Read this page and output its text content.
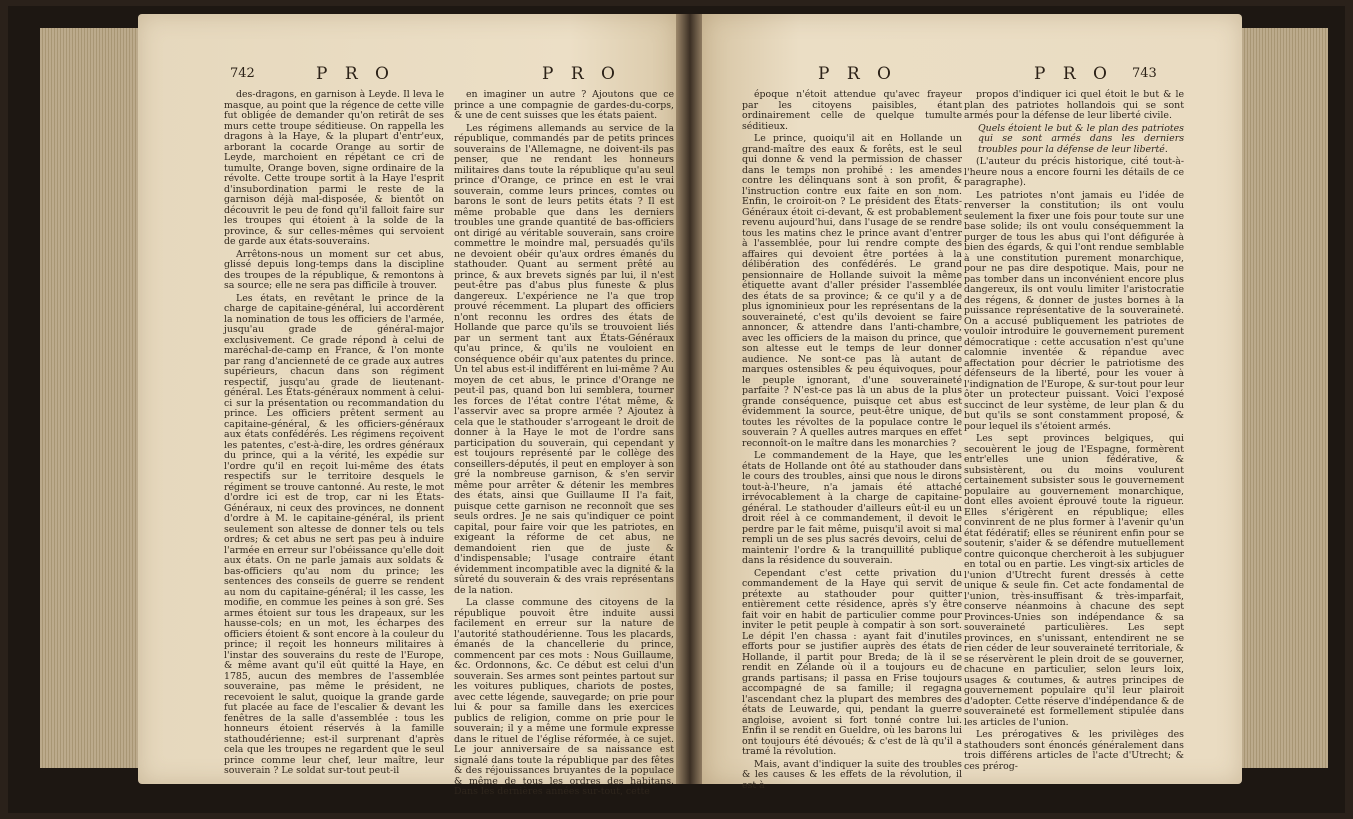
742	P R O	P R O

des-dragons, en garnison à Leyde. Il leva le masque, au point que la régence de cette ville fut obligée de demander qu'on retirât de ses murs cette troupe séditieuse. On rappella les dragons à la Haye, & la plupart d'entr'eux, arborant la cocarde Orange au sortir de Leyde, marchoient en répétant ce cri de tumulte, Orange boven, signe ordinaire de la révolte. Cette troupe sortit à la Haye l'esprit d'insubordination parmi le reste de la garnison déjà mal-disposée, & bientôt on découvrit le peu de fond qu'il falloit faire sur les troupes qui étoient à la solde de la province, & sur celles-mêmes qui servoient de garde aux états-souverains.

Arrêtons-nous un moment sur cet abus, glissé depuis long-temps dans la discipline des troupes de la république, & remontons à sa source; elle ne sera pas difficile à trouver.

Les états, en revêtant le prince de la charge de capitaine-général, lui accordèrent la nomination de tous les officiers de l'armée, jusqu'au grade de général-major exclusivement. Ce grade répond à celui de maréchal-de-camp en France, & l'on monte par rang d'ancienneté de ce grade aux autres supérieurs, chacun dans son régiment respectif, jusqu'au grade de lieutenant-général. Les États-généraux nomment à celui-ci sur la présentation ou recommandation du prince. Les officiers prêtent serment au capitaine-général, & les officiers-généraux aux états confédérés. Les régimens reçoivent les patentes, c'est-à-dire, les ordres généraux du prince, qui a la vérité, les expédie sur l'ordre qu'il en reçoit lui-même des états respectifs sur le territoire desquels le régiment se trouve cantonné. Au reste, le mot d'ordre ici est de trop, car ni les États-Généraux, ni ceux des provinces, ne donnent d'ordre à M. le capitaine-général, ils prient seulement son altesse de donner tels ou tels ordres; & cet abus ne sert pas peu à induire l'armée en erreur sur l'obéissance qu'elle doit aux états. On ne parle jamais aux soldats & bas-officiers qu'au nom du prince; les sentences des conseils de guerre se rendent au nom du capitaine-général; il les casse, les modifie, en commue les peines à son gré. Ses armes étoient sur tous les drapeaux, sur les hausse-cols; en un mot, les écharpes des officiers étoient & sont encore à la couleur du prince; il reçoit les honneurs militaires à l'instar des souverains du reste de l'Europe, & même avant qu'il eût quitté la Haye, en 1785, aucun des membres de l'assemblée souveraine, pas même le président, ne recevoient le salut, quoique la grande garde fut placée au face de l'escalier & devant les fenêtres de la salle d'assemblée : tous les honneurs étoient réservés à la famille stathoudérienne; est-il surprenant d'après cela que les troupes ne regardent que le seul prince comme leur chef, leur maître, leur souverain ? Le soldat sur-tout peut-il

en imaginer un autre ? Ajoutons que ce prince a une compagnie de gardes-du-corps, & une de cent suisses que les états paient.

Les régimens allemands au service de la république, commandés par de petits princes souverains de l'Allemagne, ne doivent-ils pas penser, que ne rendant les honneurs militaires dans toute la république qu'au seul prince d'Orange, ce prince en est le vrai souverain, comme leurs princes, comtes ou barons le sont de leurs petits états ? Il est même probable que dans les derniers troubles une grande quantité de bas-officiers ont dirigé au véritable souverain, sans croire commettre le moindre mal, persuadés qu'ils ne devoient obéir qu'aux ordres émanés du stathouder. Quant au serment prêté au prince, & aux brevets signés par lui, il n'est peut-être pas d'abus plus funeste & plus dangereux. L'expérience ne l'a que trop prouvé récemment. La plupart des officiers n'ont reconnu les ordres des états de Hollande que parce qu'ils se trouvoient liés par un serment tant aux États-Généraux qu'au prince, & qu'ils ne vouloient en conséquence obéir qu'aux patentes du prince. Un tel abus est-il indifférent en lui-même ? Au moyen de cet abus, le prince d'Orange ne peut-il pas, quand bon lui semblera, tourner les forces de l'état contre l'état même, & l'asservir avec sa propre armée ? Ajoutez à cela que le stathouder s'arrogeant le droit de donner à la Haye le mot de l'ordre sans participation du souverain, qui cependant y est toujours représenté par le collège des conseillers-députés, il peut en employer à son gré la nombreuse garnison, & s'en servir même pour arrêter & détenir les membres des états, ainsi que Guillaume II l'a fait, puisque cette garnison ne reconnoît que ses seuls ordres. Je ne sais qu'indiquer ce point capital, pour faire voir que les patriotes, en exigeant la réforme de cet abus, ne demandoient rien que de juste & d'indispensable; l'usage contraire étant évidemment incompatible avec la dignité & la sûreté du souverain & des vrais représentans de la nation.

La classe commune des citoyens de la république pouvoit être induite aussi facilement en erreur sur la nature de l'autorité stathoudérienne. Tous les placards, émanés de la chancellerie du prince, commencent par ces mots : Nous Guillaume, &c. Ordonnons, &c. Ce début est celui d'un souverain. Ses armes sont peintes partout sur les voitures publiques, chariots de postes, avec cette légende, sauvegarde; on prie pour lui & pour sa famille dans les exercices publics de religion, comme on prie pour le souverain; il y a même une formule expresse dans le rituel de l'église réformée, à ce sujet. Le jour anniversaire de sa naissance est signalé dans toute la république par des fêtes & des réjouissances bruyantes de la populace & même de tous les ordres des habitans. Dans les dernières années sur-tout, cette

P R O	P R O 743

époque n'étoit attendue qu'avec frayeur par les citoyens paisibles, étant ordinairement celle de quelque tumulte séditieux.

Le prince, quoiqu'il ait en Hollande un grand-maître des eaux & forêts, est le seul qui donne & vend la permission de chasser dans le temps non prohibé : les amendes contre les délinquans sont à son profit, & l'instruction contre eux faite en son nom. Enfin, le croiroit-on ? Le président des États-Généraux étoit ci-devant, & est probablement revenu aujourd'hui, dans l'usage de se rendre tous les matins chez le prince avant d'entrer à l'assemblée, pour lui rendre compte des affaires qui devoient être portées à la délibération des confédérés. Le grand pensionnaire de Hollande suivoit la même étiquette avant d'aller présider l'assemblée des états de sa province; & ce qu'il y a de plus ignominieux pour les représentans de la souveraineté, c'est qu'ils devoient se faire annoncer, & attendre dans l'anti-chambre, avec les officiers de la maison du prince, que son altesse eut le temps de leur donner audience. Ne sont-ce pas là autant de marques ostensibles & peu équivoques, pour le peuple ignorant, d'une souveraineté parfaite ? N'est-ce pas là un abus de la plus grande conséquence, puisque cet abus est évidemment la source, peut-être unique, de toutes les révoltes de la populace contre le souverain ? À quelles autres marques en effet reconnoît-on le maître dans les monarchies ?

Le commandement de la Haye, que les états de Hollande ont ôté au stathouder dans le cours des troubles, ainsi que nous le dirons tout-à-l'heure, n'a jamais été attaché irrévocablement à la charge de capitaine-général. Le stathouder d'ailleurs eût-il eu un droit réel à ce commandement, il devoit le perdre par le fait même, puisqu'il avoit si mal rempli un de ses plus sacrés devoirs, celui de maintenir l'ordre & la tranquillité publique dans la résidence du souverain.

Cependant c'est cette privation du commandement de la Haye qui servit de prétexte au stathouder pour quitter entièrement cette résidence, après s'y être fait voir en habit de particulier comme pour inviter le petit peuple à compatir à son sort. Le dépit l'en chassa : ayant fait d'inutiles efforts pour se justifier auprès des états de Hollande, il partit pour Breda; de là il se rendit en Zélande où il a toujours eu de grands partisans; il passa en Frise toujours accompagné de sa famille; il regagna l'ascendant chez la plupart des membres des états de Leuwarde, qui, pendant la guerre angloise, avoient si fort tonné contre lui. Enfin il se rendit en Gueldre, où les barons lui ont toujours été dévoués; & c'est de là qu'il a tramé la révolution.

Mais, avant d'indiquer la suite des troubles & les causes & les effets de la révolution, il est à

propos d'indiquer ici quel étoit le but & le plan des patriotes hollandois qui se sont armés pour la défense de leur liberté civile.

Quels étoient le but & le plan des patriotes qui se sont armés dans les derniers troubles pour la défense de leur liberté.

(L'auteur du précis historique, cité tout-à-l'heure nous a encore fourni les détails de ce paragraphe).

Les patriotes n'ont jamais eu l'idée de renverser la constitution; ils ont voulu seulement la fixer une fois pour toute sur une base solide; ils ont voulu conséquemment la purger de tous les abus qui l'ont défigurée à bien des égards, & qui l'ont rendue semblable à une constitution purement monarchique, pour ne pas dire despotique. Mais, pour ne pas tomber dans un inconvénient encore plus dangereux, ils ont voulu limiter l'aristocratie des régens, & donner de justes bornes à la puissance représentative de la souveraineté. On a accusé publiquement les patriotes de vouloir introduire le gouvernement purement démocratique : cette accusation n'est qu'une calomnie inventée & répandue avec affectation pour décrier le patriotisme des défenseurs de la liberté, pour les vouer à l'indignation de l'Europe, & sur-tout pour leur ôter un protecteur puissant. Voici l'exposé succinct de leur système, de leur plan & du but qu'ils se sont constamment proposé, & pour lequel ils s'étoient armés.

Les sept provinces belgiques, qui secouèrent le joug de l'Espagne, formèrent entr'elles une union fédérative, & subsistèrent, ou du moins voulurent certainement subsister sous le gouvernement populaire au gouvernement monarchique, dont elles avoient éprouvé toute la rigueur. Elles s'érigèrent en république; elles convinrent de ne plus former à l'avenir qu'un état fédératif; elles se réunirent enfin pour se soutenir, s'aider & se défendre mutuellement contre quiconque chercheroit à les subjuguer en total ou en partie. Les vingt-six articles de l'union d'Utrecht furent dressés à cette unique & seule fin. Cet acte fondamental de l'union, très-insuffisant & très-imparfait, conserve néanmoins à chacune des sept Provinces-Unies son indépendance & sa souveraineté particulières. Les sept provinces, en s'unissant, entendirent ne se rien céder de leur souveraineté territoriale, & se réservèrent le plein droit de se gouverner, chacune en particulier, selon leurs loix, usages & coutumes, & autres principes de gouvernement populaire qu'il leur plairoit d'adopter. Cette réserve d'indépendance & de souveraineté est formellement stipulée dans les articles de l'union.

Les prérogatives & les privilèges des stathouders sont énoncés généralement dans trois différens articles de l'acte d'Utrecht; & ces prérog-
